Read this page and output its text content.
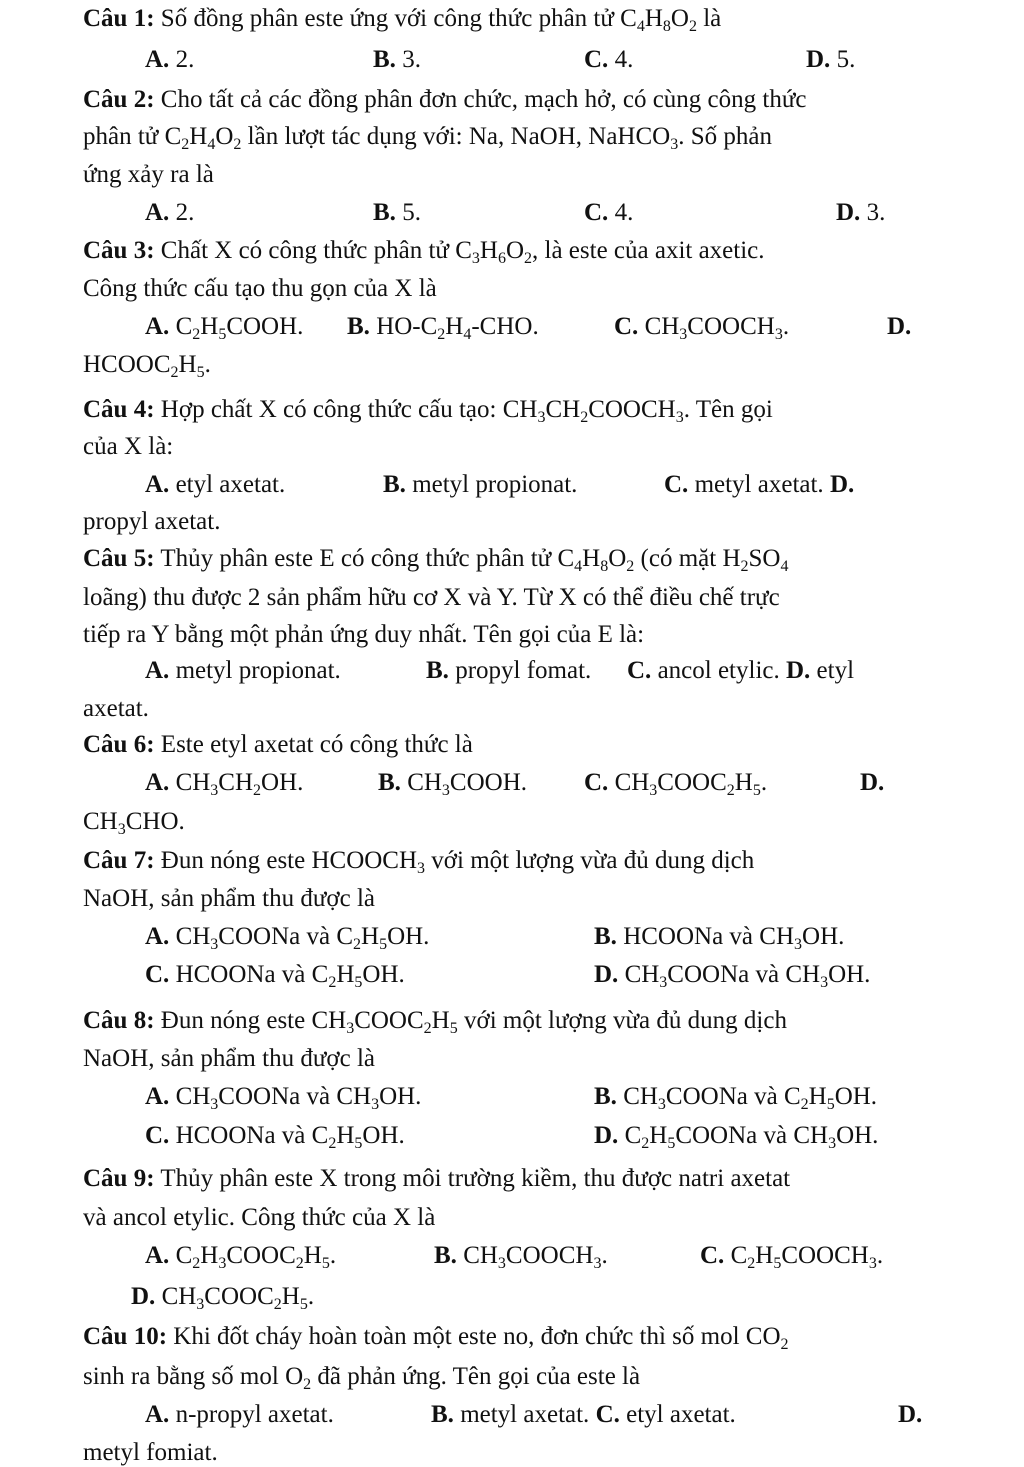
Câu 1: Số đồng phân este ứng với công thức phân tử $C_4H_8O_2$ là
A. 2.	B. 3.	C. 4.	D. 5.
Câu 2: Cho tất cả các đồng phân đơn chức, mạch hở, có cùng công thức
phân tử $C_2H_4O_2$ lần lượt tác dụng với: Na, NaOH, NaHCO$_3$. Số phản
ứng xảy ra là
A. 2.	B. 5.	C. 4.	D. 3.
Câu 3: Chất X có công thức phân tử $C_3H_6O_2$, là este của axit axetic.
Công thức cấu tạo thu gọn của X là
A. $C_2H_5COOH$. B. $HO-C_2H_4$-CHO.	C. $CH_3COOCH_3$.	D.
$HCOOC_2H_5$.
Câu 4: Hợp chất X có công thức cấu tạo: $CH_3CH_2COOCH_3$. Tên gọi
của X là:
A. etyl axetat.	B. metyl propionat.	C. metyl axetat. D.
propyl axetat.
Câu 5: Thủy phân este E có công thức phân tử $C_4H_8O_2$ (có mặt $H_2SO_4$
loãng) thu được 2 sản phẩm hữu cơ X và Y. Từ X có thể điều chế trực
tiếp ra Y bằng một phản ứng duy nhất. Tên gọi của E là:
A. metyl propionat.	B. propyl fomat. C. ancol etylic. D. etyl
axetat.
Câu 6: Este etyl axetat có công thức là
A. $CH_3CH_2OH$.	B. $CH_3COOH$. C. $CH_3COOC_2H_5$.	D.
$CH_3CHO$.
Câu 7: Đun nóng este $HCOOCH_3$ với một lượng vừa đủ dung dịch
NaOH, sản phẩm thu được là
A. $CH_3COONa$ và $C_2H_5OH$.	B. HCOONa và $CH_3OH$.
C. HCOONa và $C_2H_5OH$.	D. $CH_3COONa$ và $CH_3OH$.
Câu 8: Đun nóng este $CH_3COOC_2H_5$ với một lượng vừa đủ dung dịch
NaOH, sản phẩm thu được là
A. $CH_3COONa$ và $CH_3OH$.	B. $CH_3COONa$ và $C_2H_5OH$.
C. HCOONa và $C_2H_5OH$.	D. $C_2H_5COONa$ và $CH_3OH$.
Câu 9: Thủy phân este X trong môi trường kiềm, thu được natri axetat
và ancol etylic. Công thức của X là
A. $C_2H_3COOC_2H_5$.	B. $CH_3COOCH_3$.	C. $C_2H_5COOCH_3$.
D. $CH_3COOC_2H_5$.
Câu 10: Khi đốt cháy hoàn toàn một este no, đơn chức thì số mol $CO_2$
sinh ra bằng số mol $O_2$ đã phản ứng. Tên gọi của este là
A. n-propyl axetat.	B. metyl axetat. C. etyl axetat.	D.
metyl fomiat.
